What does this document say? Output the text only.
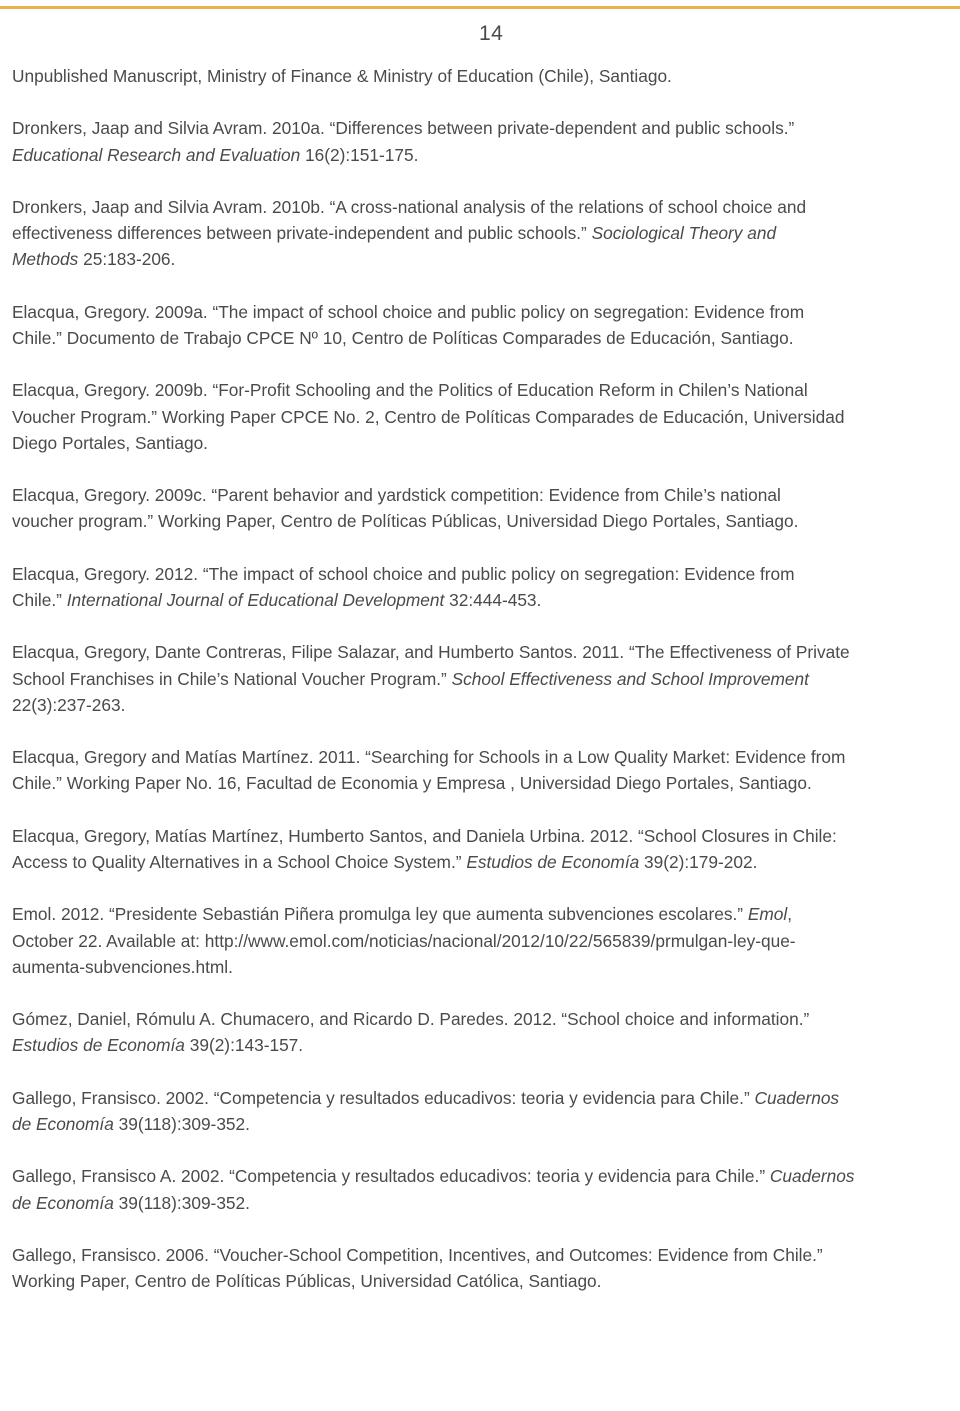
14
Unpublished Manuscript, Ministry of Finance & Ministry of Education (Chile), Santiago.
Dronkers, Jaap and Silvia Avram. 2010a. “Differences between private-dependent and public schools.”
Educational Research and Evaluation 16(2):151-175.
Dronkers, Jaap and Silvia Avram. 2010b. “A cross-national analysis of the relations of school choice and
effectiveness differences between private-independent and public schools.” Sociological Theory and
Methods 25:183-206.
Elacqua, Gregory. 2009a. “The impact of school choice and public policy on segregation: Evidence from
Chile.” Documento de Trabajo CPCE Nº 10, Centro de Políticas Comparades de Educación, Santiago.
Elacqua, Gregory. 2009b. “For-Profit Schooling and the Politics of Education Reform in Chilen’s National
Voucher Program.” Working Paper CPCE No. 2, Centro de Políticas Comparades de Educación, Universidad
Diego Portales, Santiago.
Elacqua, Gregory. 2009c. “Parent behavior and yardstick competition: Evidence from Chile’s national
voucher program.” Working Paper, Centro de Políticas Públicas, Universidad Diego Portales, Santiago.
Elacqua, Gregory. 2012. “The impact of school choice and public policy on segregation: Evidence from
Chile.” International Journal of Educational Development 32:444-453.
Elacqua, Gregory, Dante Contreras, Filipe Salazar, and Humberto Santos. 2011. “The Effectiveness of Private
School Franchises in Chile’s National Voucher Program.” School Effectiveness and School Improvement
22(3):237-263.
Elacqua, Gregory and Matías Martínez. 2011. “Searching for Schools in a Low Quality Market: Evidence from
Chile.” Working Paper No. 16, Facultad de Economia y Empresa , Universidad Diego Portales, Santiago.
Elacqua, Gregory, Matías Martínez, Humberto Santos, and Daniela Urbina. 2012. “School Closures in Chile:
Access to Quality Alternatives in a School Choice System.” Estudios de Economía 39(2):179-202.
Emol. 2012. “Presidente Sebastián Piñera promulga ley que aumenta subvenciones escolares.” Emol,
October 22. Available at: http://www.emol.com/noticias/nacional/2012/10/22/565839/prmulgan-ley-que-
aumenta-subvenciones.html.
Gómez, Daniel, Rómulu A. Chumacero, and Ricardo D. Paredes. 2012. “School choice and information.”
Estudios de Economía 39(2):143-157.
Gallego, Fransisco. 2002. “Competencia y resultados educadivos: teoria y evidencia para Chile.” Cuadernos
de Economía 39(118):309-352.
Gallego, Fransisco A. 2002. “Competencia y resultados educadivos: teoria y evidencia para Chile.” Cuadernos
de Economía 39(118):309-352.
Gallego, Fransisco. 2006. “Voucher-School Competition, Incentives, and Outcomes: Evidence from Chile.”
Working Paper, Centro de Políticas Públicas, Universidad Católica, Santiago.
